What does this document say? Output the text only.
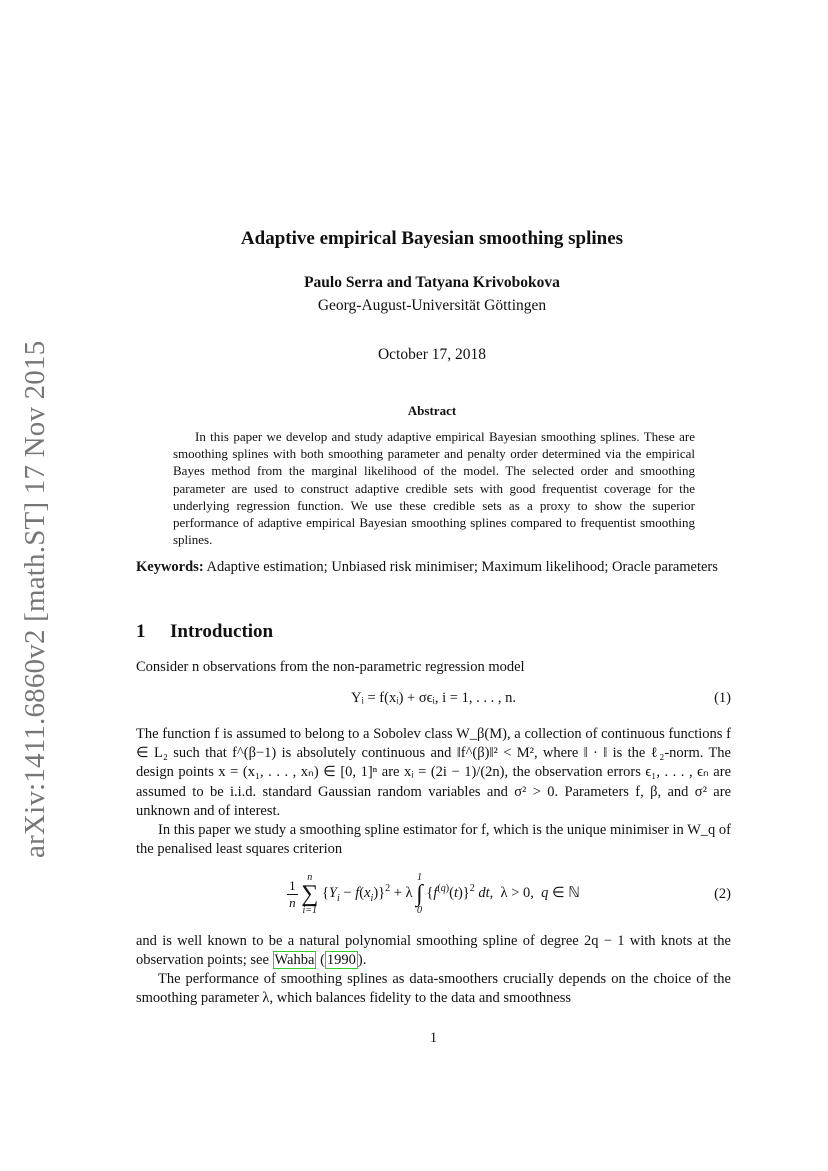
arXiv:1411.6860v2 [math.ST] 17 Nov 2015
Adaptive empirical Bayesian smoothing splines
Paulo Serra and Tatyana Krivobokova
Georg-August-Universität Göttingen
October 17, 2018
Abstract
In this paper we develop and study adaptive empirical Bayesian smoothing splines. These are smoothing splines with both smoothing parameter and penalty order determined via the empirical Bayes method from the marginal likelihood of the model. The selected order and smoothing parameter are used to construct adaptive credible sets with good frequentist coverage for the underlying regression function. We use these credible sets as a proxy to show the superior performance of adaptive empirical Bayesian smoothing splines compared to frequentist smoothing splines.
Keywords: Adaptive estimation; Unbiased risk minimiser; Maximum likelihood; Oracle parameters
1 Introduction
Consider n observations from the non-parametric regression model
Yᵢ = f(xᵢ) + σϵᵢ, i = 1, . . . , n.	(1)
The function f is assumed to belong to a Sobolev class W_β(M), a collection of continuous functions f ∈ L₂ such that f^(β−1) is absolutely continuous and ‖f^(β)‖² < M², where ‖ · ‖ is the ℓ₂-norm. The design points x = (x₁, . . . , xₙ) ∈ [0, 1]ⁿ are xᵢ = (2i − 1)/(2n), the observation errors ϵ₁, . . . , ϵₙ are assumed to be i.i.d. standard Gaussian random variables and σ² > 0. Parameters f, β, and σ² are unknown and of interest.
In this paper we study a smoothing spline estimator for f, which is the unique minimiser in W_q of the penalised least squares criterion
$\frac{1}{n}$
n
∑
i=1
$\{Y_i - f(x_i)\}^2 + \lambda$
1
∫
0
$\{f^{(q)}(t)\}^2$ dt,  λ > 0,  q ∈ ℕ	(2)
and is well known to be a natural polynomial smoothing spline of degree 2q − 1 with knots at the observation points; see Wahba ( 1990 ).
The performance of smoothing splines as data-smoothers crucially depends on the choice of the smoothing parameter λ, which balances fidelity to the data and smoothness
1
